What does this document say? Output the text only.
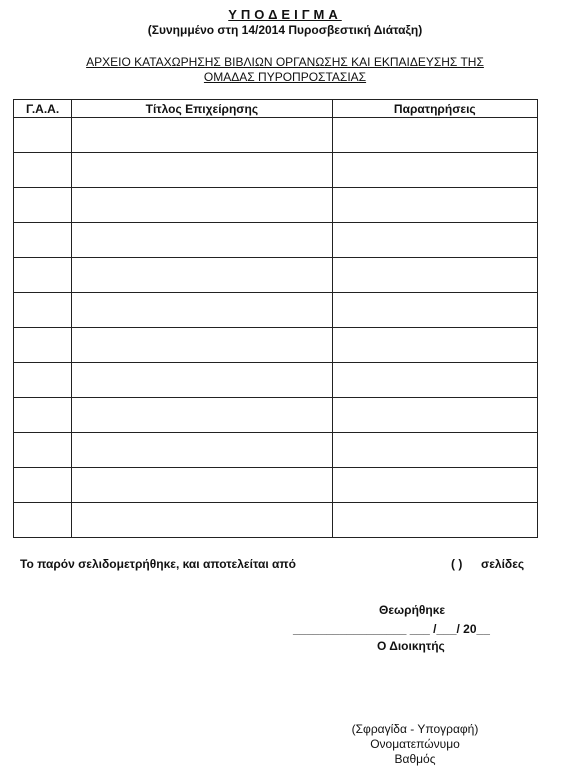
ΥΠΟΔΕΙΓΜΑ
(Συνημμένο στη 14/2014 Πυροσβεστική Διάταξη)
ΑΡΧΕΙΟ ΚΑΤΑΧΩΡΗΣΗΣ ΒΙΒΛΙΩΝ ΟΡΓΑΝΩΣΗΣ ΚΑΙ ΕΚΠΑΙΔΕΥΣΗΣ ΤΗΣ
ΟΜΑΔΑΣ ΠΥΡΟΠΡΟΣΤΑΣΙΑΣ
Γ.Α.Α.	Τίτλος Επιχείρησης	Παρατηρήσεις

Το παρόν σελιδομετρήθηκε, και αποτελείται από	( ) σελίδες
Θεωρήθηκε
_________________ ___ /___/ 20__
Ο Διοικητής
(Σφραγίδα - Υπογραφή)
Ονοματεπώνυμο
Βαθμός
